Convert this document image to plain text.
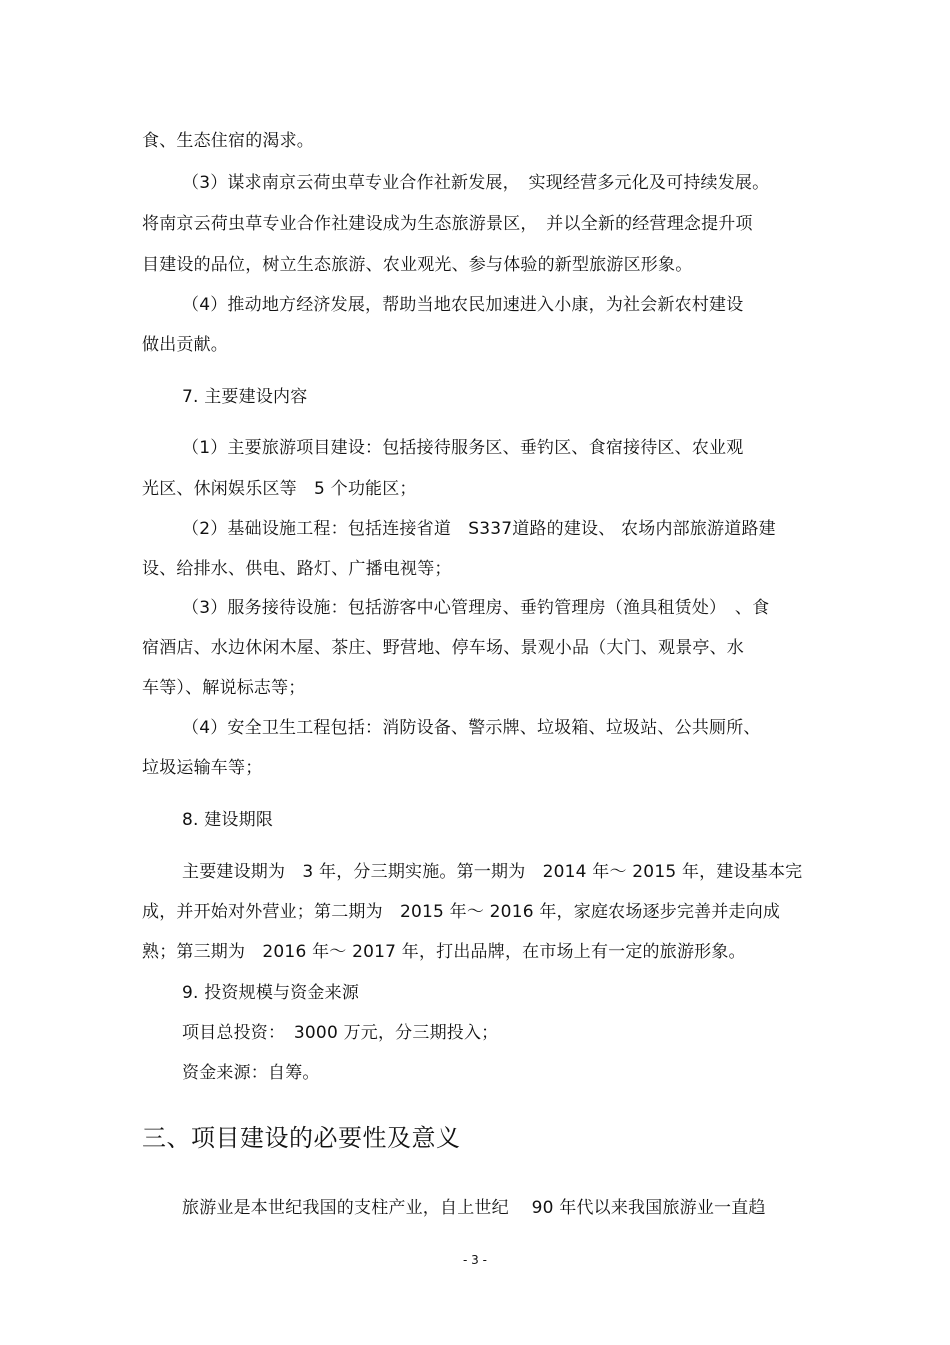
食、生态住宿的渴求。
（3）谋求南京云荷虫草专业合作社新发展，　实现经营多元化及可持续发展。
将南京云荷虫草专业合作社建设成为生态旅游景区，　并以全新的经营理念提升项
目建设的品位，树立生态旅游、农业观光、参与体验的新型旅游区形象。
（4）推动地方经济发展，帮助当地农民加速进入小康，为社会新农村建设
做出贡献。
7. 主要建设内容
（1）主要旅游项目建设：包括接待服务区、垂钓区、食宿接待区、农业观
光区、休闲娱乐区等　5 个功能区；
（2）基础设施工程：包括连接省道　S337道路的建设、 农场内部旅游道路建
设、给排水、供电、路灯、广播电视等；
（3）服务接待设施：包括游客中心管理房、垂钓管理房（渔具租赁处）　、食
宿酒店、水边休闲木屋、茶庄、野营地、停车场、景观小品（大门、观景亭、水
车等）、解说标志等；
（4）安全卫生工程包括：消防设备、警示牌、垃圾箱、垃圾站、公共厕所、
垃圾运输车等；
8. 建设期限
主要建设期为　3 年，分三期实施。第一期为　2014 年～ 2015 年，建设基本完
成，并开始对外营业；第二期为　2015 年～ 2016 年，家庭农场逐步完善并走向成
熟；第三期为　2016 年～ 2017 年，打出品牌，在市场上有一定的旅游形象。
9. 投资规模与资金来源
项目总投资：　3000 万元，分三期投入；
资金来源：自筹。
三、项目建设的必要性及意义
旅游业是本世纪我国的支柱产业，自上世纪　 90 年代以来我国旅游业一直趋
- 3 -
